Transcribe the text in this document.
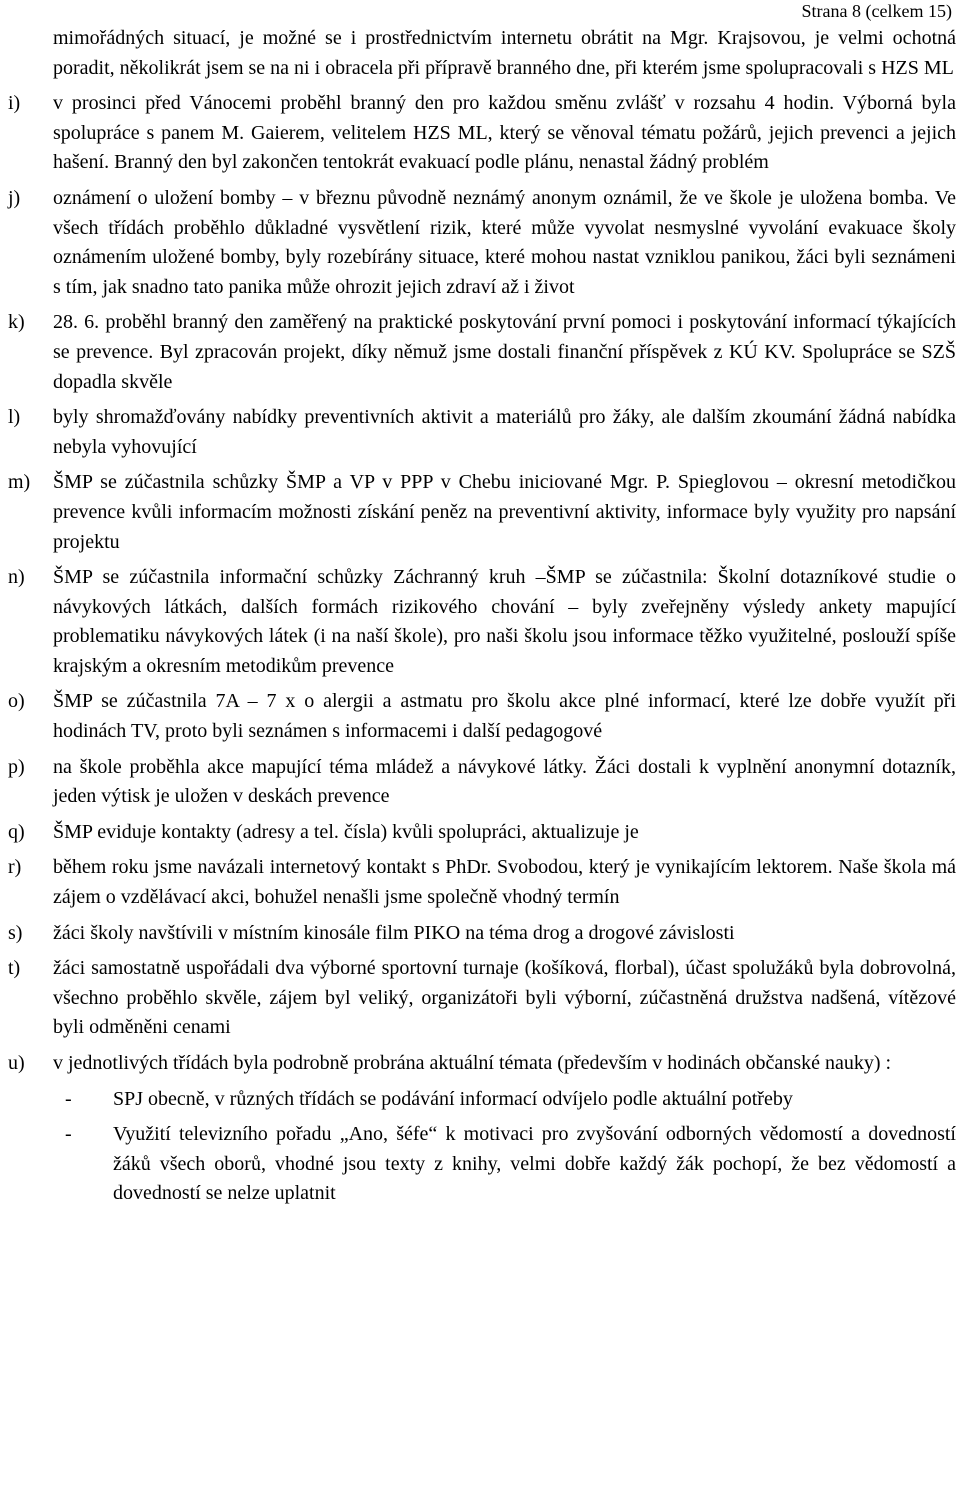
Strana 8 (celkem 15)
mimořádných situací, je možné se i prostřednictvím internetu obrátit na Mgr. Krajsovou, je velmi ochotná poradit, několikrát jsem se na ni i obracela při přípravě branného dne, při kterém jsme spolupracovali s HZS ML
i)	v prosinci před Vánocemi proběhl branný den pro každou směnu zvlášť v rozsahu 4 hodin. Výborná byla spolupráce s panem M. Gaierem, velitelem HZS ML, který se věnoval tématu požárů, jejich prevenci a jejich hašení. Branný den byl zakončen tentokrát evakuací podle plánu, nenastal žádný problém
j)	oznámení o uložení bomby – v březnu původně neznámý anonym oznámil, že ve škole je uložena bomba. Ve všech třídách proběhlo důkladné vysvětlení rizik, které může vyvolat nesmyslné vyvolání evakuace školy oznámením uložené bomby, byly rozebírány situace, které mohou nastat vzniklou panikou, žáci byli seznámeni s tím, jak snadno tato panika může ohrozit jejich zdraví až i život
k)	28. 6. proběhl branný den zaměřený na praktické poskytování první pomoci i poskytování informací týkajících se prevence. Byl zpracován projekt, díky němuž jsme dostali finanční příspěvek z KÚ KV. Spolupráce se SZŠ dopadla skvěle
l)	byly shromažďovány nabídky preventivních aktivit a materiálů pro žáky, ale dalším zkoumání žádná nabídka nebyla vyhovující
m)	ŠMP se zúčastnila schůzky ŠMP a VP v PPP v Chebu iniciované Mgr. P. Spieglovou – okresní metodičkou prevence kvůli informacím možnosti získání peněz na preventivní aktivity, informace byly využity pro napsání projektu
n)	ŠMP se zúčastnila informační schůzky Záchranný kruh –ŠMP se zúčastnila: Školní dotazníkové studie o návykových látkách, dalších formách rizikového chování – byly zveřejněny výsledy ankety mapující problematiku návykových látek (i na naší škole), pro naši školu jsou informace těžko využitelné, poslouží spíše krajským a okresním metodikům prevence
o)	ŠMP se zúčastnila 7A – 7 x o alergii a astmatu pro školu akce plné informací, které lze dobře využít při hodinách TV, proto byli seznámen s informacemi i další pedagogové
p)	na škole proběhla akce mapující téma mládež a návykové látky. Žáci dostali k vyplnění anonymní dotazník, jeden výtisk je uložen v deskách prevence
q)	ŠMP eviduje kontakty (adresy a tel. čísla) kvůli spolupráci, aktualizuje je
r)	během roku jsme navázali internetový kontakt s PhDr. Svobodou, který je vynikajícím lektorem. Naše škola má zájem o vzdělávací akci, bohužel nenašli jsme společně vhodný termín
s)	žáci školy navštívili v místním kinosále film PIKO na téma drog a drogové závislosti
t)	žáci samostatně uspořádali dva výborné sportovní turnaje (košíková, florbal), účast spolužáků byla dobrovolná, všechno proběhlo skvěle, zájem byl veliký, organizátoři byli výborní, zúčastněná družstva nadšená, vítězové byli odměněni cenami
u)	v jednotlivých třídách byla podrobně probrána aktuální témata (především v hodinách občanské nauky) :
-	SPJ obecně, v různých třídách se podávání informací odvíjelo podle aktuální potřeby
-	Využití televizního pořadu „Ano, šéfe“ k motivaci pro zvyšování odborných vědomostí a dovedností žáků všech oborů, vhodné jsou texty z knihy, velmi dobře každý žák pochopí, že bez vědomostí a dovedností se nelze uplatnit
